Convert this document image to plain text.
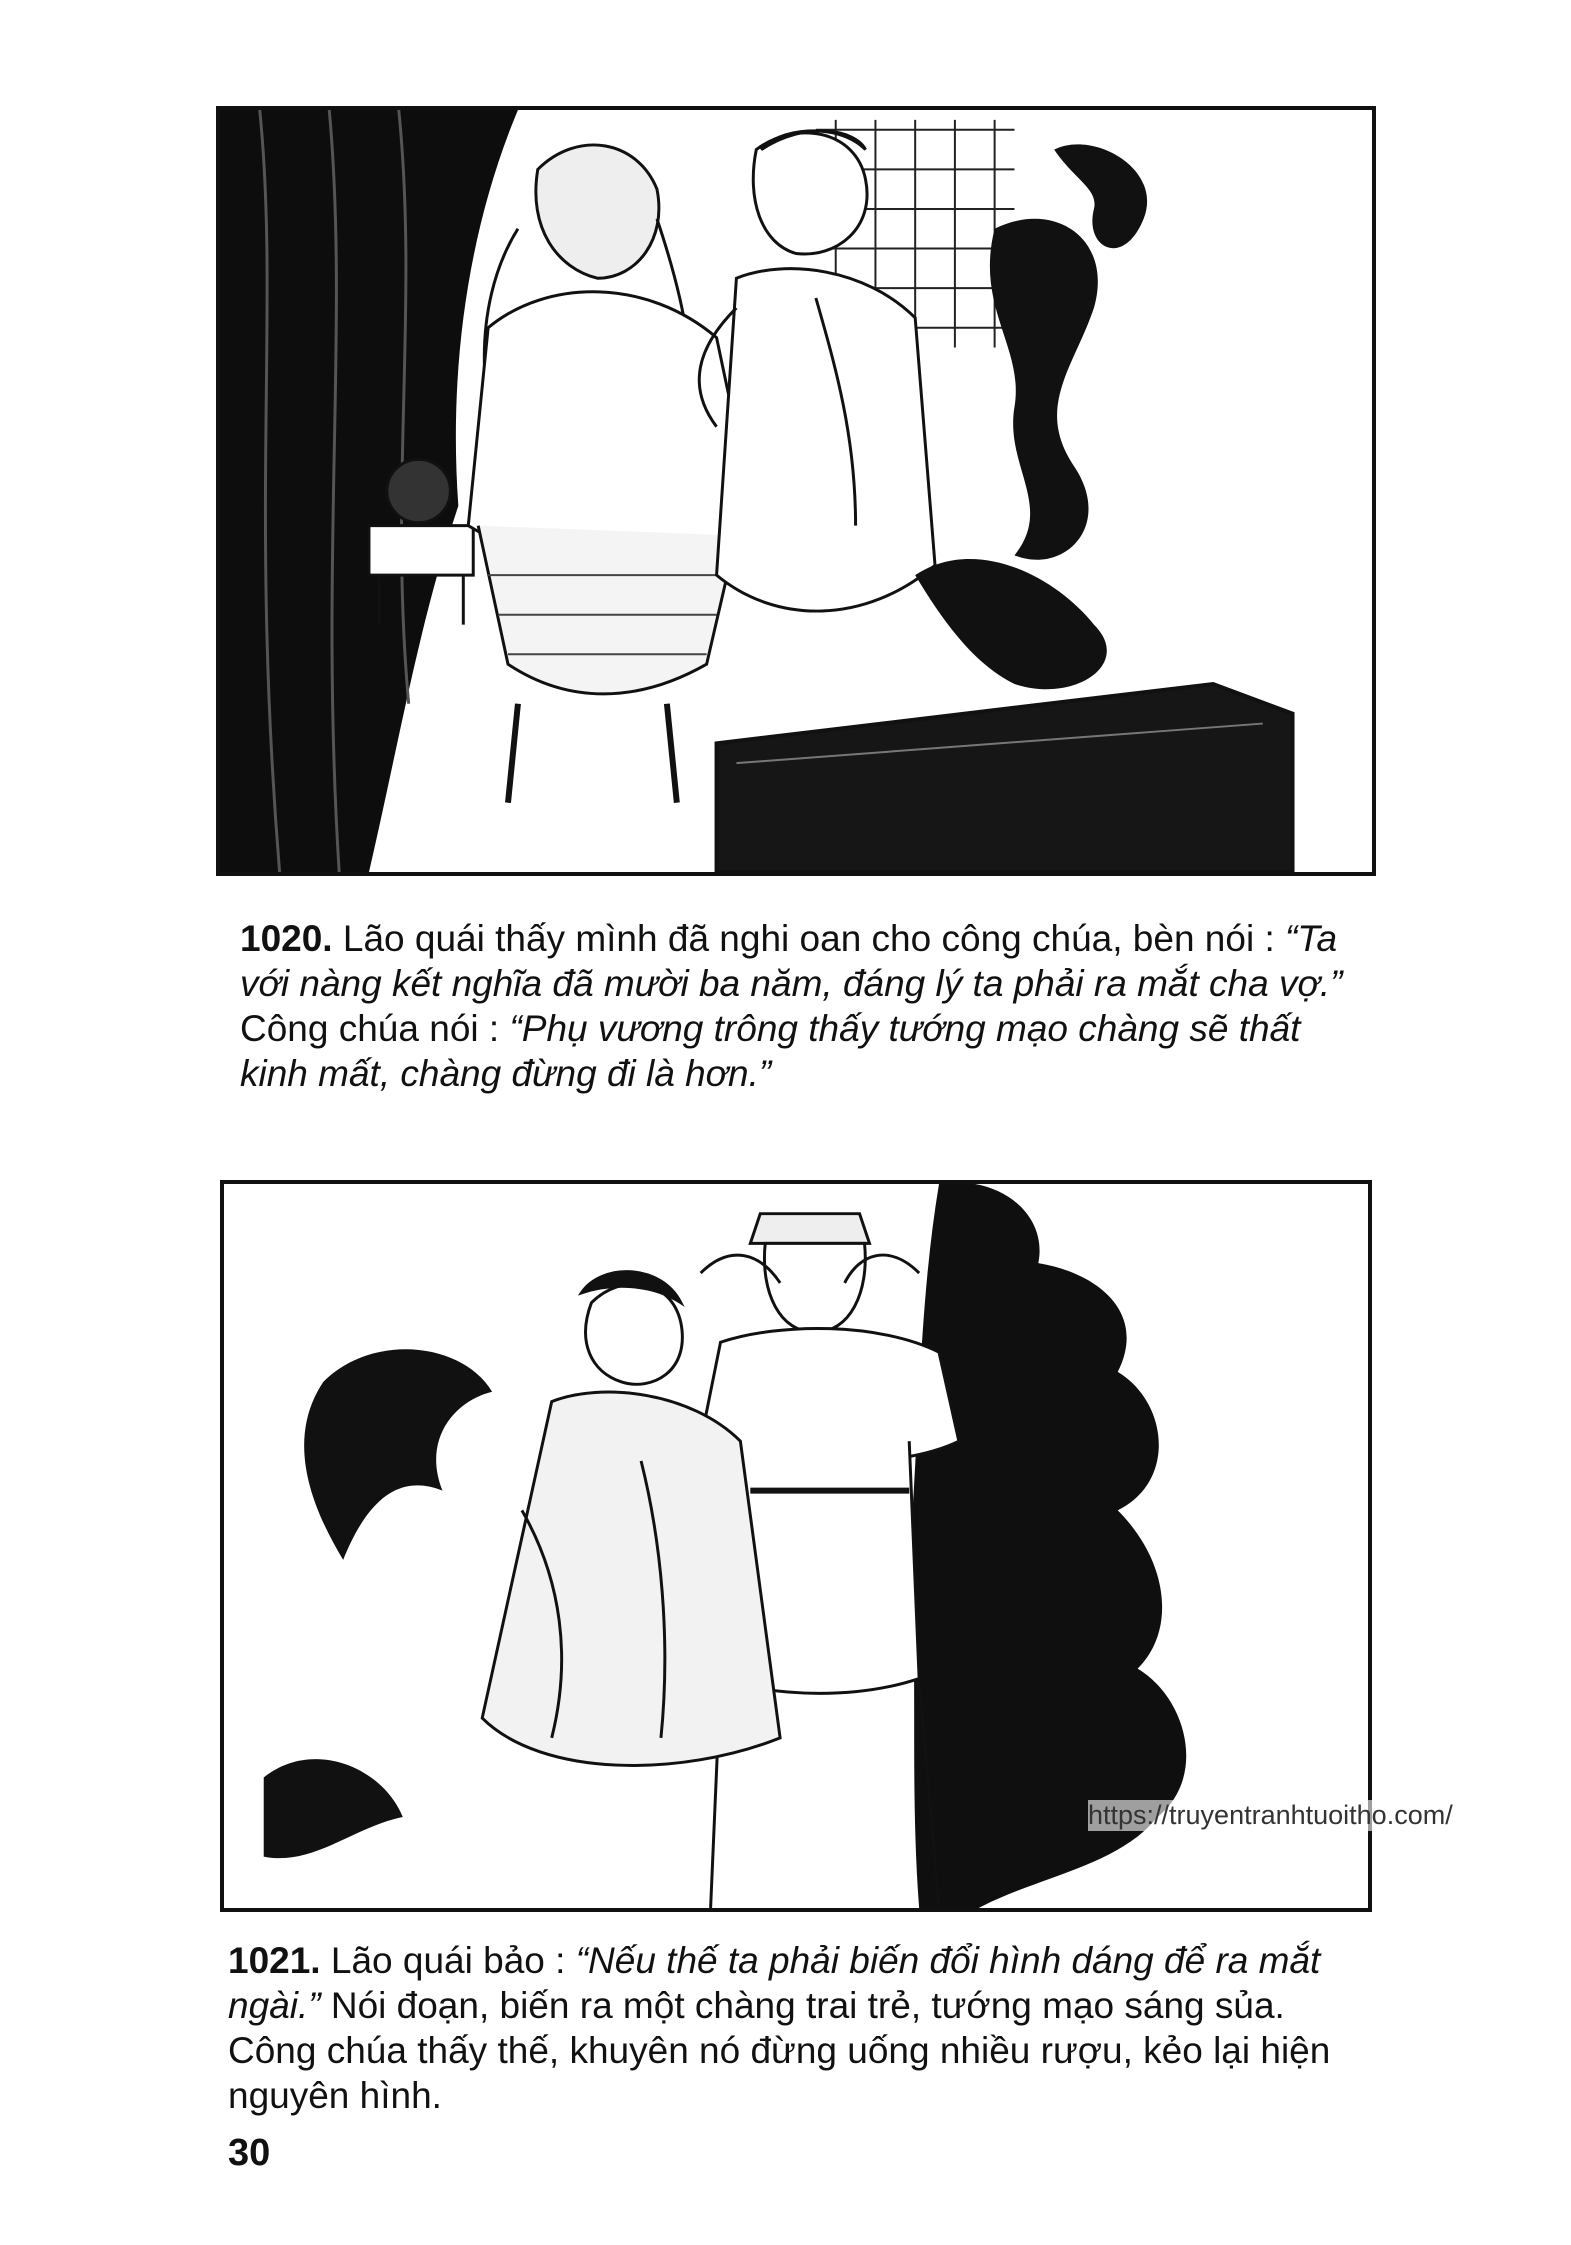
1020. Lão quái thấy mình đã nghi oan cho công chúa, bèn nói : “Ta với nàng kết nghĩa đã mười ba năm, đáng lý ta phải ra mắt cha vợ.” Công chúa nói : “Phụ vương trông thấy tướng mạo chàng sẽ thất kinh mất, chàng đừng đi là hơn.”
https://truyentranhtuoitho.com/
1021. Lão quái bảo : “Nếu thế ta phải biến đổi hình dáng để ra mắt ngài.” Nói đoạn, biến ra một chàng trai trẻ, tướng mạo sáng sủa. Công chúa thấy thế, khuyên nó đừng uống nhiều rượu, kẻo lại hiện nguyên hình.
30
